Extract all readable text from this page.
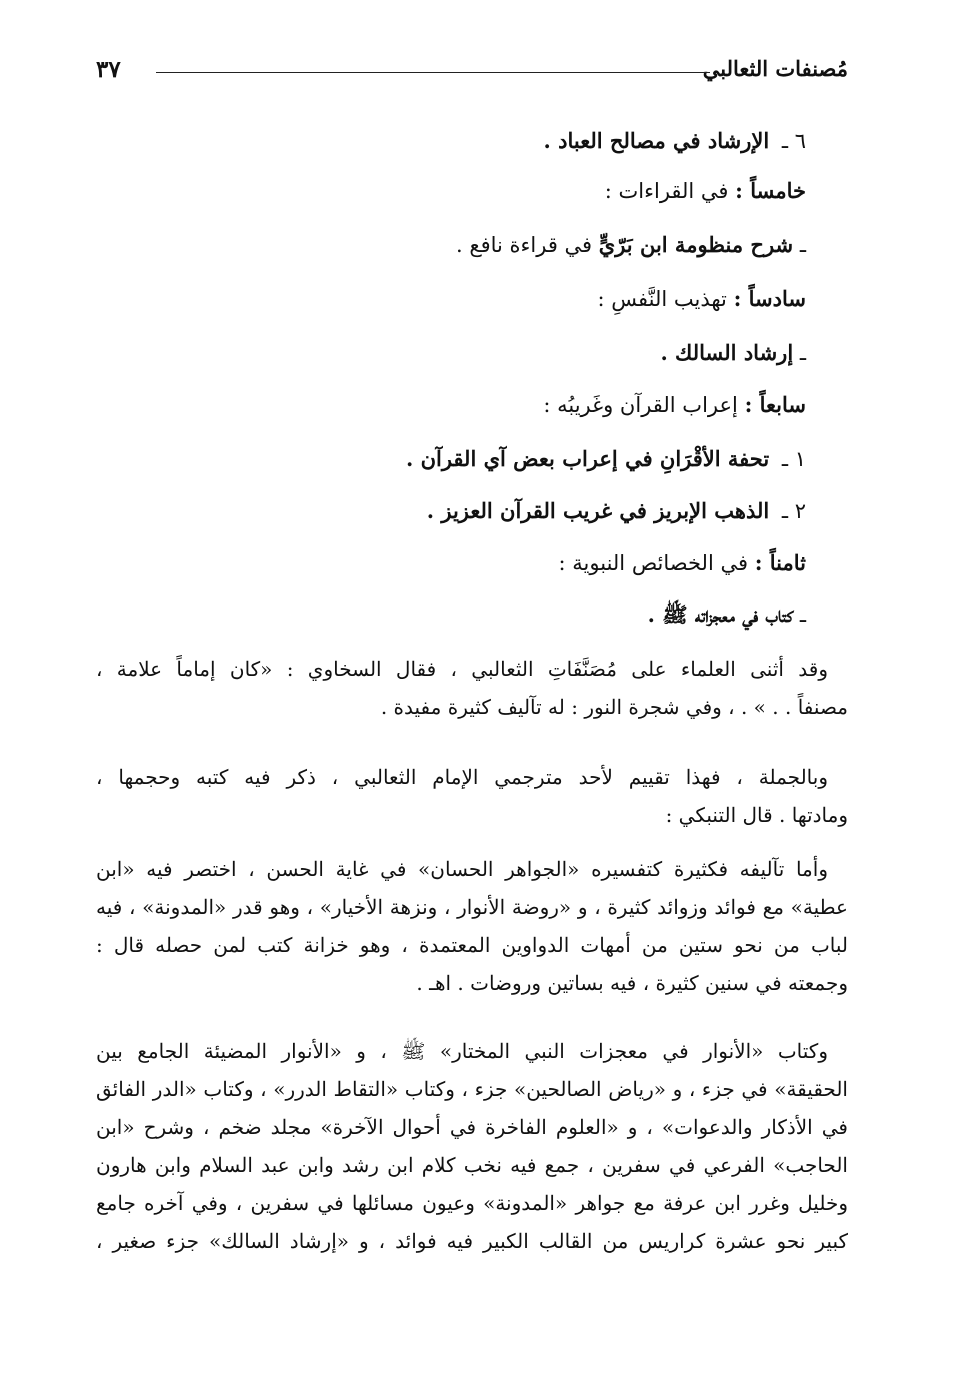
مُصنفات الثعالبي
٣٧
٦ ـ الإرشاد في مصالح العباد .
خامساً : في القراءات :
ـ شرح منظومة ابن بَرّيٍّ في قراءة نافع .
سادساً : تهذيب النَّفسِ :
ـ إرشاد السالك .
سابعاً : إعراب القرآن وغَريبُه :
١ ـ تحفة الأقْرَانِ في إعراب بعض آي القرآن .
٢ ـ الذهب الإبريز في غريب القرآن العزيز .
ثامناً : في الخصائص النبوية :
ـ كتاب في معجزاته ﷺ .
وقد أثنى العلماء على مُصَنَّفَاتِ الثعالبي ، فقال السخاوي : «كان إماماً علامة ،
مصنفاً . . » . ، وفي شجرة النور : له تآليف كثيرة مفيدة .
وبالجملة ، فهذا تقييم لأحد مترجمي الإمام الثعالبي ، ذكر فيه كتبه وحجمها ،
ومادتها . قال التنبكي :
وأما تآليفه فكثيرة كتفسيره «الجواهر الحسان» في غاية الحسن ، اختصر فيه «ابن
عطية» مع فوائد وزوائد كثيرة ، و «روضة الأنوار ، ونزهة الأخيار» ، وهو قدر «المدونة» ، فيه
لباب من نحو ستين من أمهات الدواوين المعتمدة ، وهو خزانة كتب لمن حصله قال :
وجمعته في سنين كثيرة ، فيه بساتين وروضات . اهـ .
وكتاب «الأنوار في معجزات النبي المختار» ﷺ ، و «الأنوار المضيئة الجامع بين
الحقيقة» في جزء ، و «رياض الصالحين» جزء ، وكتاب «التقاط الدرر» ، وكتاب «الدر الفائق
في الأذكار والدعوات» ، و «العلوم الفاخرة في أحوال الآخرة» مجلد ضخم ، وشرح «ابن
الحاجب» الفرعي في سفرين ، جمع فيه نخب كلام ابن رشد وابن عبد السلام وابن هارون
وخليل وغرر ابن عرفة مع جواهر «المدونة» وعيون مسائلها في سفرين ، وفي آخره جامع
كبير نحو عشرة كراريس من القالب الكبير فيه فوائد ، و «إرشاد السالك» جزء صغير ،
